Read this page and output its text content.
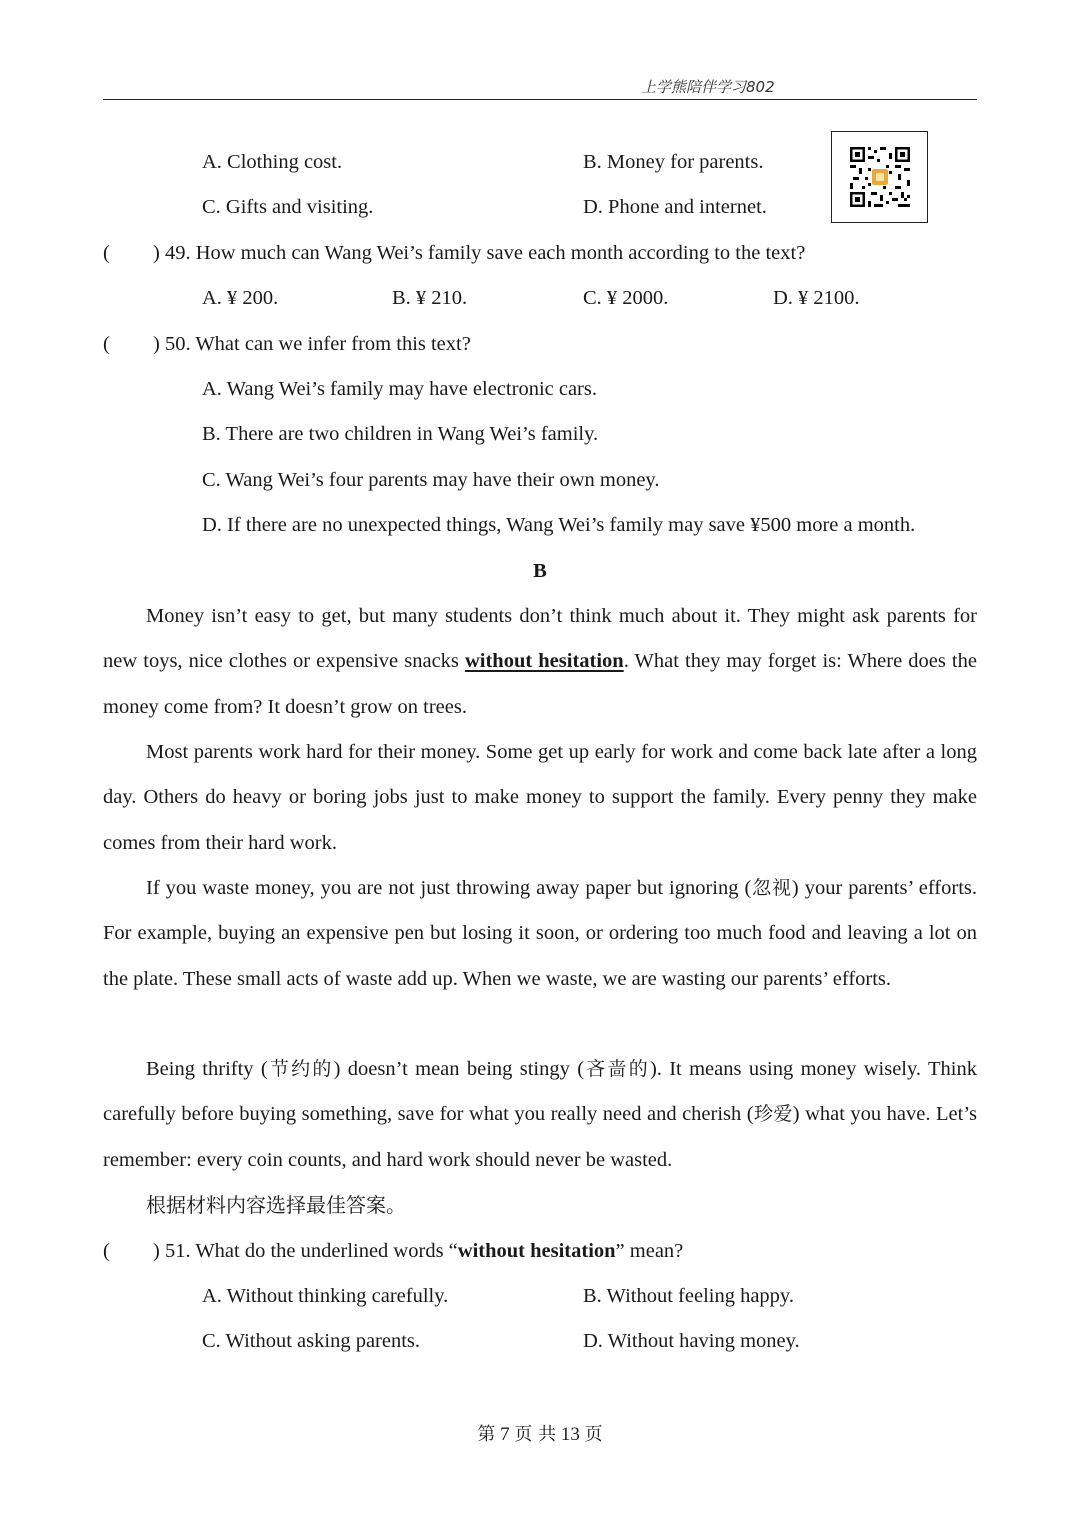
上学熊陪伴学习802
A. Clothing cost.	B. Money for parents.
C. Gifts and visiting.	D. Phone and internet.
( ) 49. How much can Wang Wei’s family save each month according to the text?
A. ¥ 200.	B. ¥ 210.	C. ¥ 2000.	D. ¥ 2100.
( ) 50. What can we infer from this text?
A. Wang Wei’s family may have electronic cars.
B. There are two children in Wang Wei’s family.
C. Wang Wei’s four parents may have their own money.
D. If there are no unexpected things, Wang Wei’s family may save ¥500 more a month.
B
Money isn’t easy to get, but many students don’t think much about it. They might ask parents for new toys, nice clothes or expensive snacks without hesitation. What they may forget is: Where does the money come from? It doesn’t grow on trees.
Most parents work hard for their money. Some get up early for work and come back late after a long day. Others do heavy or boring jobs just to make money to support the family. Every penny they make comes from their hard work.
If you waste money, you are not just throwing away paper but ignoring (忽视) your parents’ efforts. For example, buying an expensive pen but losing it soon, or ordering too much food and leaving a lot on the plate. These small acts of waste add up. When we waste, we are wasting our parents’ efforts.
Being thrifty (节约的) doesn’t mean being stingy (吝啬的). It means using money wisely. Think carefully before buying something, save for what you really need and cherish (珍爱) what you have. Let’s remember: every coin counts, and hard work should never be wasted.
根据材料内容选择最佳答案。
( ) 51. What do the underlined words “without hesitation” mean?
A. Without thinking carefully.	B. Without feeling happy.
C. Without asking parents.	D. Without having money.
第 7 页 共 13 页
